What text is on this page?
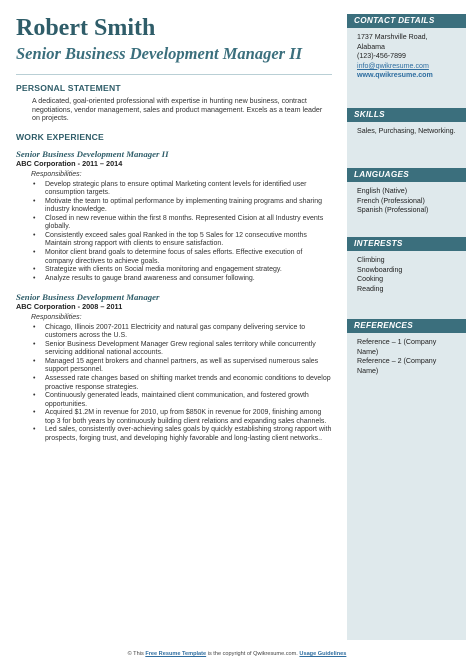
Robert Smith
Senior Business Development Manager II
PERSONAL STATEMENT
A dedicated, goal-oriented professional with expertise in hunting new business, contract negotiations, vendor management, sales and product management. Excels as a team leader on projects.
WORK EXPERIENCE
Senior Business Development Manager II
ABC Corporation - 2011 – 2014
Responsibilities:
• Develop strategic plans to ensure optimal Marketing content levels for identified user consumption targets.
• Motivate the team to optimal performance by implementing training programs and sharing industry knowledge.
• Closed in new revenue within the first 8 months. Represented Cision at all Industry events globally.
• Consistently exceed sales goal Ranked in the top 5 Sales for 12 consecutive months Maintain strong rapport with clients to ensure satisfaction.
• Monitor client brand goals to determine focus of sales efforts. Effective execution of company directives to achieve goals.
• Strategize with clients on Social media monitoring and engagement strategy.
• Analyze results to gauge brand awareness and consumer following.
Senior Business Development Manager
ABC Corporation - 2008 – 2011
Responsibilities:
• Chicago, Illinois 2007-2011 Electricity and natural gas company delivering service to customers across the U.S.
• Senior Business Development Manager Grew regional sales territory while concurrently servicing additional national accounts.
• Managed 15 agent brokers and channel partners, as well as supervised numerous sales support personnel.
• Assessed rate changes based on shifting market trends and economic conditions to develop proactive response strategies.
• Continuously generated leads, maintained client communication, and fostered growth opportunities.
• Acquired $1.2M in revenue for 2010, up from $850K in revenue for 2009, finishing among top 3 for both years by continuously building client relations and expanding sales channels.
• Led sales, consistently over-achieving sales goals by quickly establishing strong rapport with prospects, forging trust, and developing highly favorable and long-lasting client networks..
CONTACT DETAILS
1737 Marshville Road,
Alabama
(123)-456-7899
info@qwikresume.com
www.qwikresume.com
SKILLS
Sales, Purchasing, Networking.
LANGUAGES
English (Native)
French (Professional)
Spanish (Professional)
INTERESTS
Climbing
Snowboarding
Cooking
Reading
REFERENCES
Reference – 1 (Company Name)
Reference – 2 (Company Name)
© This Free Resume Template is the copyright of Qwikresume.com. Usage Guidelines
